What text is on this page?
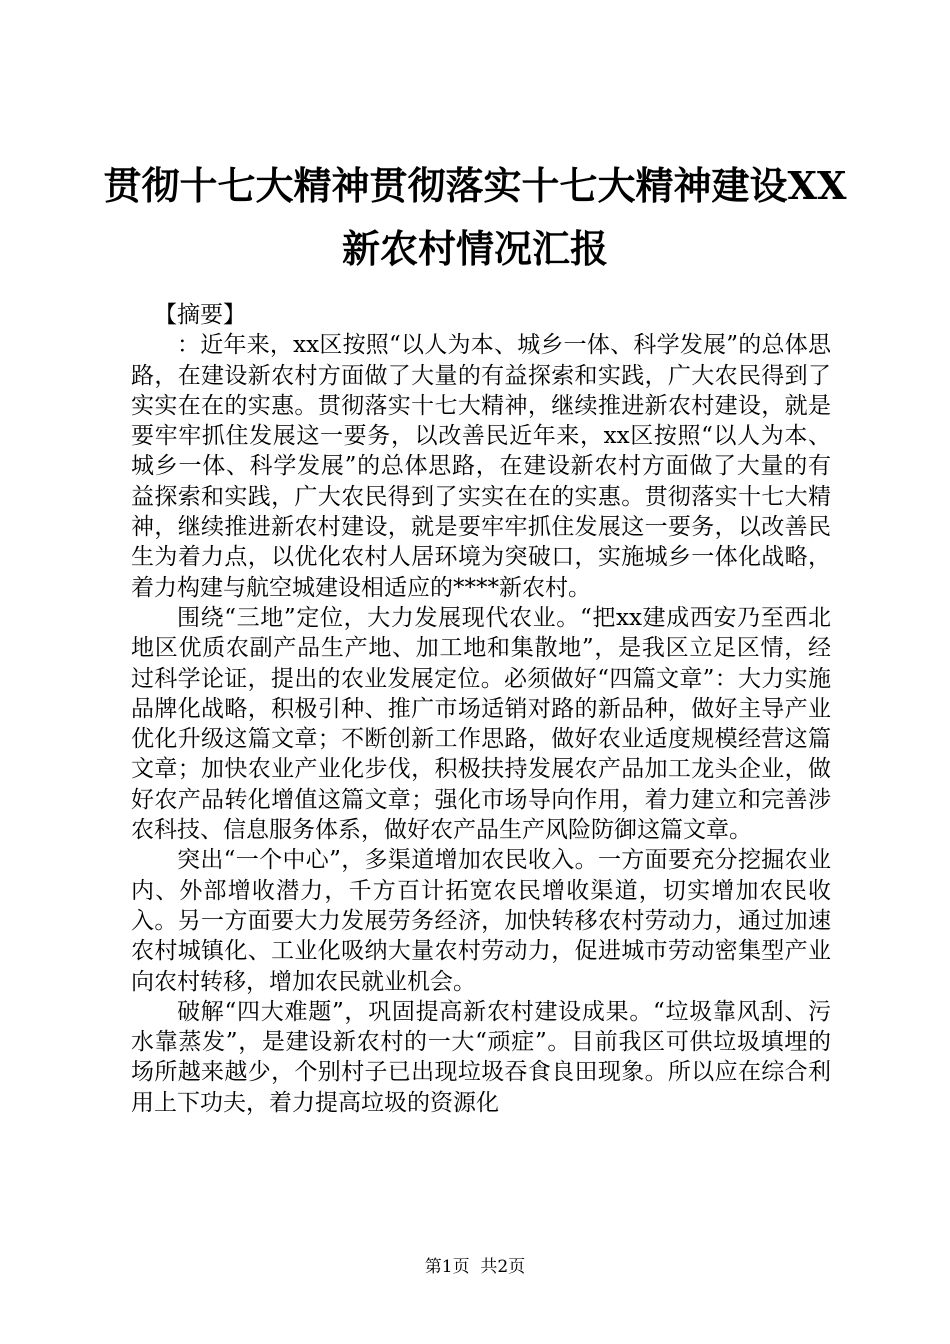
贯彻十七大精神贯彻落实十七大精神建设XX
新农村情况汇报

【摘要】

：近年来，xx区按照“以人为本、城乡一体、科学发展”的总体思路，在建设新农村方面做了大量的有益探索和实践，广大农民得到了实实在在的实惠。贯彻落实十七大精神，继续推进新农村建设，就是要牢牢抓住发展这一要务，以改善民近年来，xx区按照“以人为本、城乡一体、科学发展”的总体思路，在建设新农村方面做了大量的有益探索和实践，广大农民得到了实实在在的实惠。贯彻落实十七大精神，继续推进新农村建设，就是要牢牢抓住发展这一要务，以改善民生为着力点，以优化农村人居环境为突破口，实施城乡一体化战略，着力构建与航空城建设相适应的****新农村。

围绕“三地”定位，大力发展现代农业。“把xx建成西安乃至西北地区优质农副产品生产地、加工地和集散地”，是我区立足区情，经过科学论证，提出的农业发展定位。必须做好“四篇文章”：大力实施品牌化战略，积极引种、推广市场适销对路的新品种，做好主导产业优化升级这篇文章；不断创新工作思路，做好农业适度规模经营这篇文章；加快农业产业化步伐，积极扶持发展农产品加工龙头企业，做好农产品转化增值这篇文章；强化市场导向作用，着力建立和完善涉农科技、信息服务体系，做好农产品生产风险防御这篇文章。

突出“一个中心”，多渠道增加农民收入。一方面要充分挖掘农业内、外部增收潜力，千方百计拓宽农民增收渠道，切实增加农民收入。另一方面要大力发展劳务经济，加快转移农村劳动力，通过加速农村城镇化、工业化吸纳大量农村劳动力，促进城市劳动密集型产业向农村转移，增加农民就业机会。

破解“四大难题”，巩固提高新农村建设成果。“垃圾靠风刮、污水靠蒸发”，是建设新农村的一大“顽症”。目前我区可供垃圾填埋的场所越来越少，个别村子已出现垃圾吞食良田现象。所以应在综合利用上下功夫，着力提高垃圾的资源化

第1页 共2页
